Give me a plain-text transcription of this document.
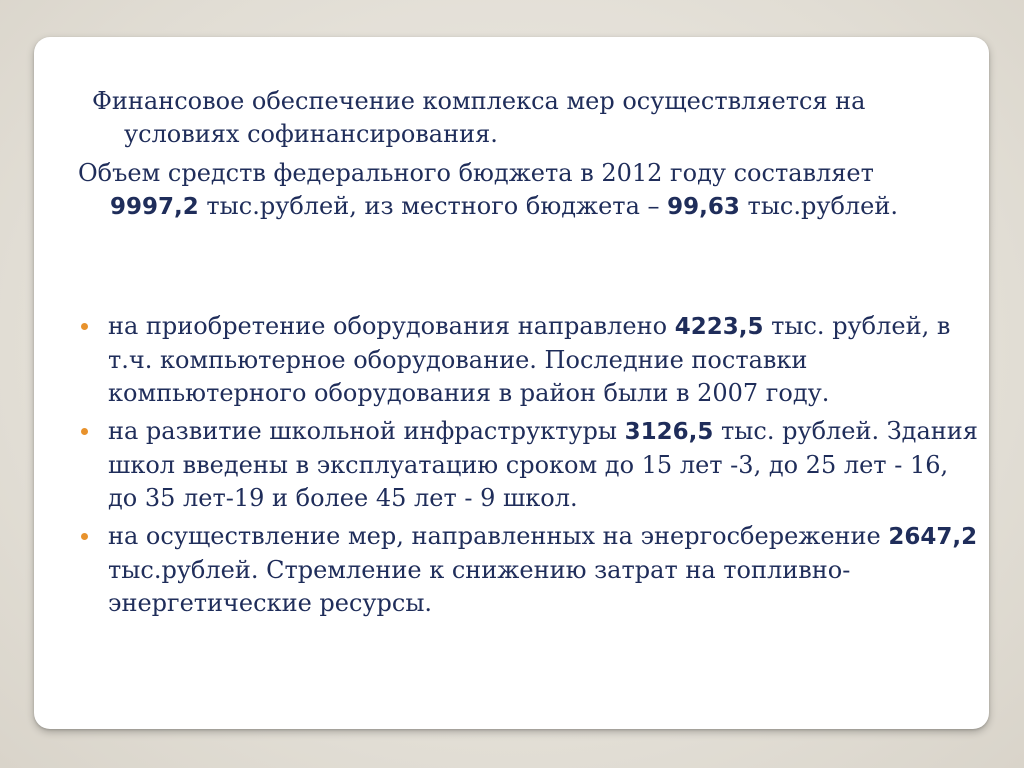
Финансовое обеспечение комплекса мер осуществляется на условиях софинансирования.

Объем средств федерального бюджета в 2012 году составляет 9997,2 тыс.рублей, из местного бюджета – 99,63 тыс.рублей.

на приобретение оборудования направлено 4223,5 тыс. рублей, в т.ч. компьютерное оборудование. Последние поставки компьютерного оборудования в район были в 2007 году.
на развитие школьной инфраструктуры 3126,5 тыс. рублей. Здания школ введены в эксплуатацию сроком до 15 лет -3, до 25 лет - 16, до 35 лет-19 и более 45 лет - 9 школ.
на осуществление мер, направленных на энергосбережение 2647,2 тыс.рублей. Стремление к снижению затрат на топливно-энергетические ресурсы.
